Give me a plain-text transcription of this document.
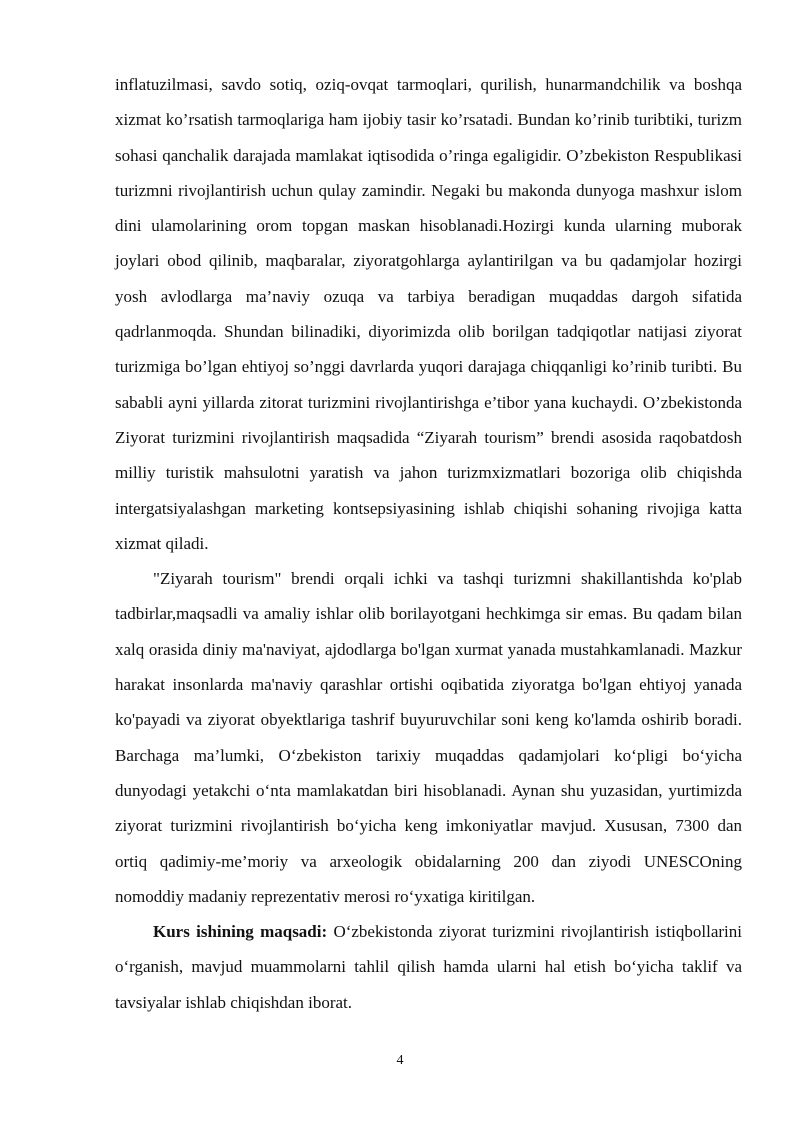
inflatuzilmasi, savdo sotiq, oziq-ovqat tarmoqlari, qurilish, hunarmandchilik va boshqa xizmat ko’rsatish tarmoqlariga ham ijobiy tasir ko’rsatadi. Bundan ko’rinib turibtiki, turizm sohasi qanchalik darajada mamlakat iqtisodida o’ringa egaligidir. O’zbekiston Respublikasi turizmni rivojlantirish uchun qulay zamindir. Negaki bu makonda dunyoga mashxur islom dini ulamolarining orom topgan maskan hisoblanadi.Hozirgi kunda ularning muborak joylari obod qilinib, maqbaralar, ziyoratgohlarga aylantirilgan va bu qadamjolar hozirgi yosh avlodlarga ma’naviy ozuqa va tarbiya beradigan muqaddas dargoh sifatida qadrlanmoqda. Shundan bilinadiki, diyorimizda olib borilgan tadqiqotlar natijasi ziyorat turizmiga bo’lgan ehtiyoj so’nggi davrlarda yuqori darajaga chiqqanligi ko’rinib turibti. Bu sababli ayni yillarda zitorat turizmini rivojlantirishga e’tibor yana kuchaydi. O’zbekistonda Ziyorat turizmini rivojlantirish maqsadida “Ziyarah tourism” brendi asosida raqobatdosh milliy turistik mahsulotni yaratish va jahon turizmxizmatlari bozoriga olib chiqishda intergatsiyalashgan marketing kontsepsiyasining ishlab chiqishi sohaning rivojiga katta xizmat qiladi.

"Ziyarah tourism" brendi orqali ichki va tashqi turizmni shakillantishda ko'plab tadbirlar,maqsadli va amaliy ishlar olib borilayotgani hechkimga sir emas. Bu qadam bilan xalq orasida diniy ma'naviyat, ajdodlarga bo'lgan xurmat yanada mustahkamlanadi. Mazkur harakat insonlarda ma'naviy qarashlar ortishi oqibatida ziyoratga bo'lgan ehtiyoj yanada ko'payadi va ziyorat obyektlariga tashrif buyuruvchilar soni keng ko'lamda oshirib boradi. Barchaga ma’lumki, O‘zbekiston tarixiy muqaddas qadamjolari ko‘pligi bo‘yicha dunyodagi yetakchi o‘nta mamlakatdan biri hisoblanadi. Aynan shu yuzasidan, yurtimizda ziyorat turizmini rivojlantirish bo‘yicha keng imkoniyatlar mavjud. Xususan, 7300 dan ortiq qadimiy-me’moriy va arxeologik obidalarning 200 dan ziyodi UNESCOning nomoddiy madaniy reprezentativ merosi ro‘yxatiga kiritilgan.

Kurs ishining maqsadi: O‘zbekistonda ziyorat turizmini rivojlantirish istiqbollarini o‘rganish, mavjud muammolarni tahlil qilish hamda ularni hal etish bo‘yicha taklif va tavsiyalar ishlab chiqishdan iborat.

4
